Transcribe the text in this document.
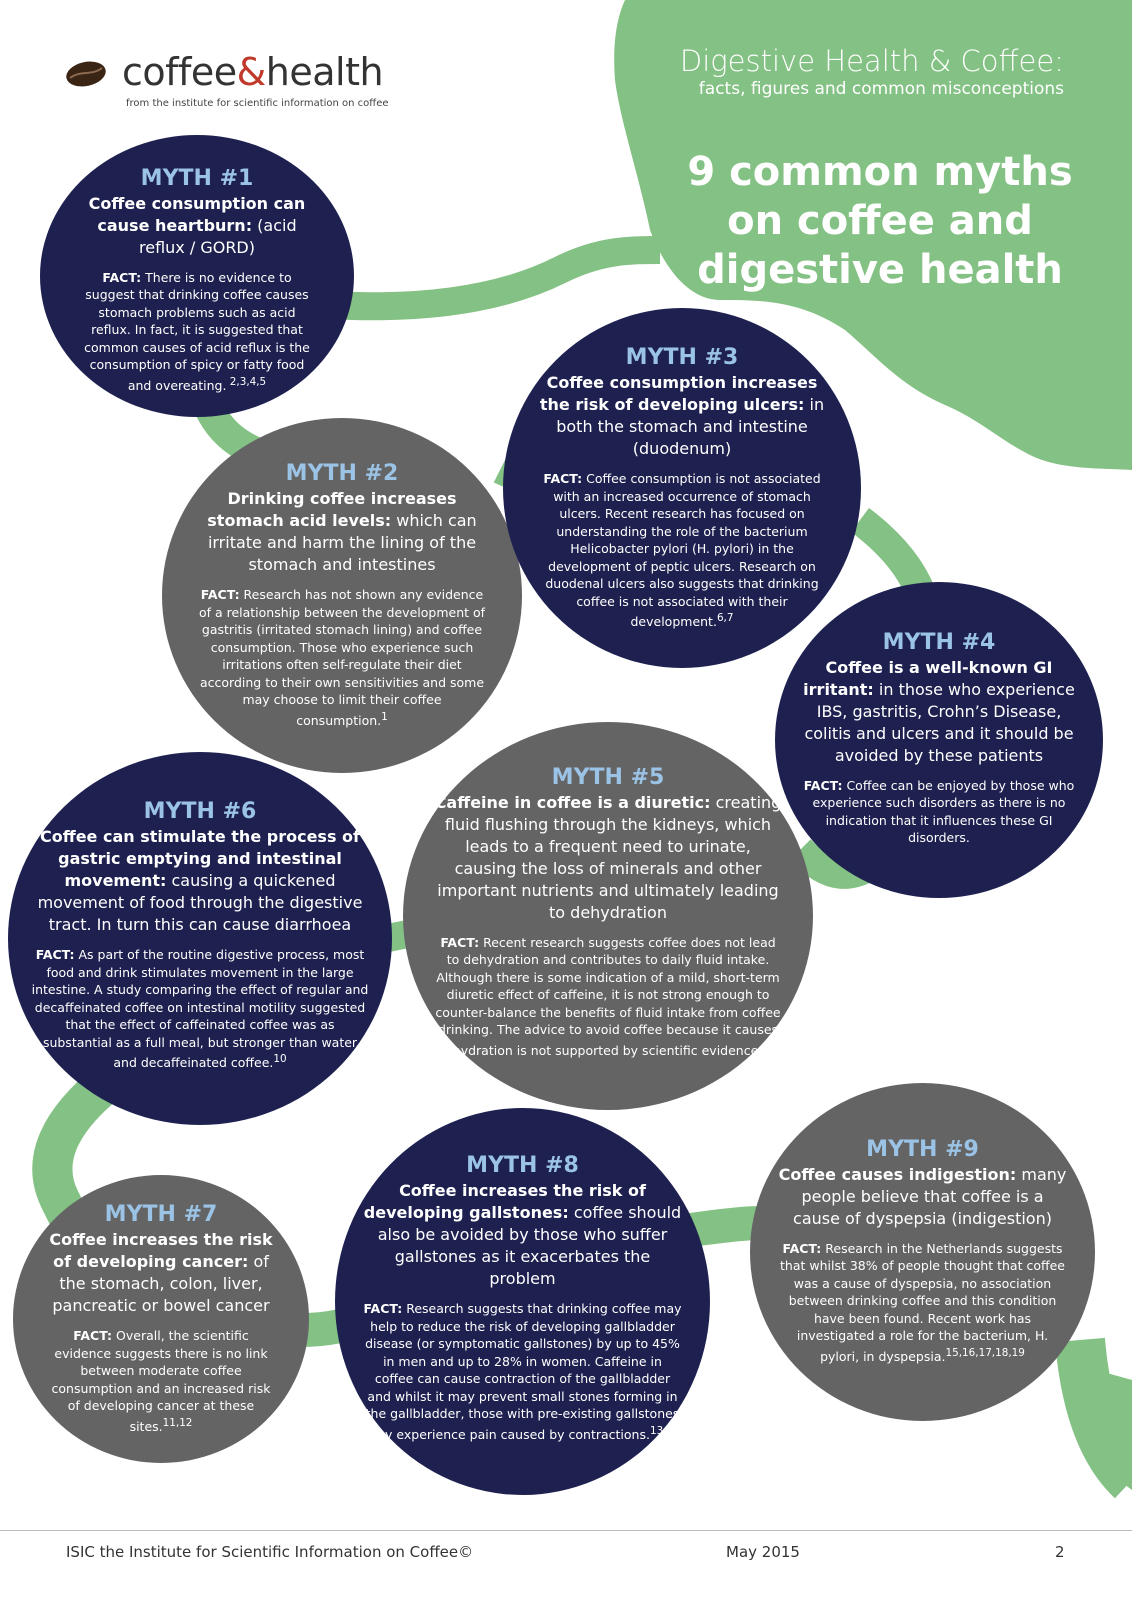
coffee&health
from the institute for scientific information on coffee
Digestive Health & Coffee:
facts, figures and common misconceptions
9 common myths
on coffee and
digestive health
MYTH #1
Coffee consumption can cause heartburn: (acid reflux / GORD)
FACT: There is no evidence to suggest that drinking coffee causes stomach problems such as acid reflux. In fact, it is suggested that common causes of acid reflux is the consumption of spicy or fatty food and overeating. $^{2,3,4,5}$
MYTH #2
Drinking coffee increases stomach acid levels: which can irritate and harm the lining of the stomach and intestines
FACT: Research has not shown any evidence of a relationship between the development of gastritis (irritated stomach lining) and coffee consumption. Those who experience such irritations often self-regulate their diet according to their own sensitivities and some may choose to limit their coffee consumption.$^1$
MYTH #3
Coffee consumption increases the risk of developing ulcers: in both the stomach and intestine (duodenum)
FACT: Coffee consumption is not associated with an increased occurrence of stomach ulcers. Recent research has focused on understanding the role of the bacterium Helicobacter pylori (H. pylori) in the development of peptic ulcers. Research on duodenal ulcers also suggests that drinking coffee is not associated with their development.$^{6,7}$
MYTH #4
Coffee is a well-known GI irritant: in those who experience IBS, gastritis, Crohn’s Disease, colitis and ulcers and it should be avoided by these patients
FACT: Coffee can be enjoyed by those who experience such disorders as there is no indication that it influences these GI disorders.
MYTH #5
Caffeine in coffee is a diuretic: creating fluid flushing through the kidneys, which leads to a frequent need to urinate, causing the loss of minerals and other important nutrients and ultimately leading to dehydration
FACT: Recent research suggests coffee does not lead to dehydration and contributes to daily fluid intake. Although there is some indication of a mild, short-term diuretic effect of caffeine, it is not strong enough to counter-balance the benefits of fluid intake from coffee drinking. The advice to avoid coffee because it causes dehydration is not supported by scientific evidence.$^{8,9}$
MYTH #6
Coffee can stimulate the process of gastric emptying and intestinal movement: causing a quickened movement of food through the digestive tract. In turn this can cause diarrhoea
FACT: As part of the routine digestive process, most food and drink stimulates movement in the large intestine. A study comparing the effect of regular and decaffeinated coffee on intestinal motility suggested that the effect of caffeinated coffee was as substantial as a full meal, but stronger than water and decaffeinated coffee.$^{10}$
MYTH #7
Coffee increases the risk of developing cancer: of the stomach, colon, liver, pancreatic or bowel cancer
FACT: Overall, the scientific evidence suggests there is no link between moderate coffee consumption and an increased risk of developing cancer at these sites.$^{11,12}$
MYTH #8
Coffee increases the risk of developing gallstones: coffee should also be avoided by those who suffer gallstones as it exacerbates the problem
FACT: Research suggests that drinking coffee may help to reduce the risk of developing gallbladder disease (or symptomatic gallstones) by up to 45% in men and up to 28% in women. Caffeine in coffee can cause contraction of the gallbladder and whilst it may prevent small stones forming in the gallbladder, those with pre-existing gallstones may experience pain caused by contractions.$^{13,14}$
MYTH #9
Coffee causes indigestion: many people believe that coffee is a cause of dyspepsia (indigestion)
FACT: Research in the Netherlands suggests that whilst 38% of people thought that coffee was a cause of dyspepsia, no association between drinking coffee and this condition have been found. Recent work has investigated a role for the bacterium, H. pylori, in dyspepsia.$^{15,16,17,18,19}$
ISIC the Institute for Scientific Information on Coffee©	May 2015	2
